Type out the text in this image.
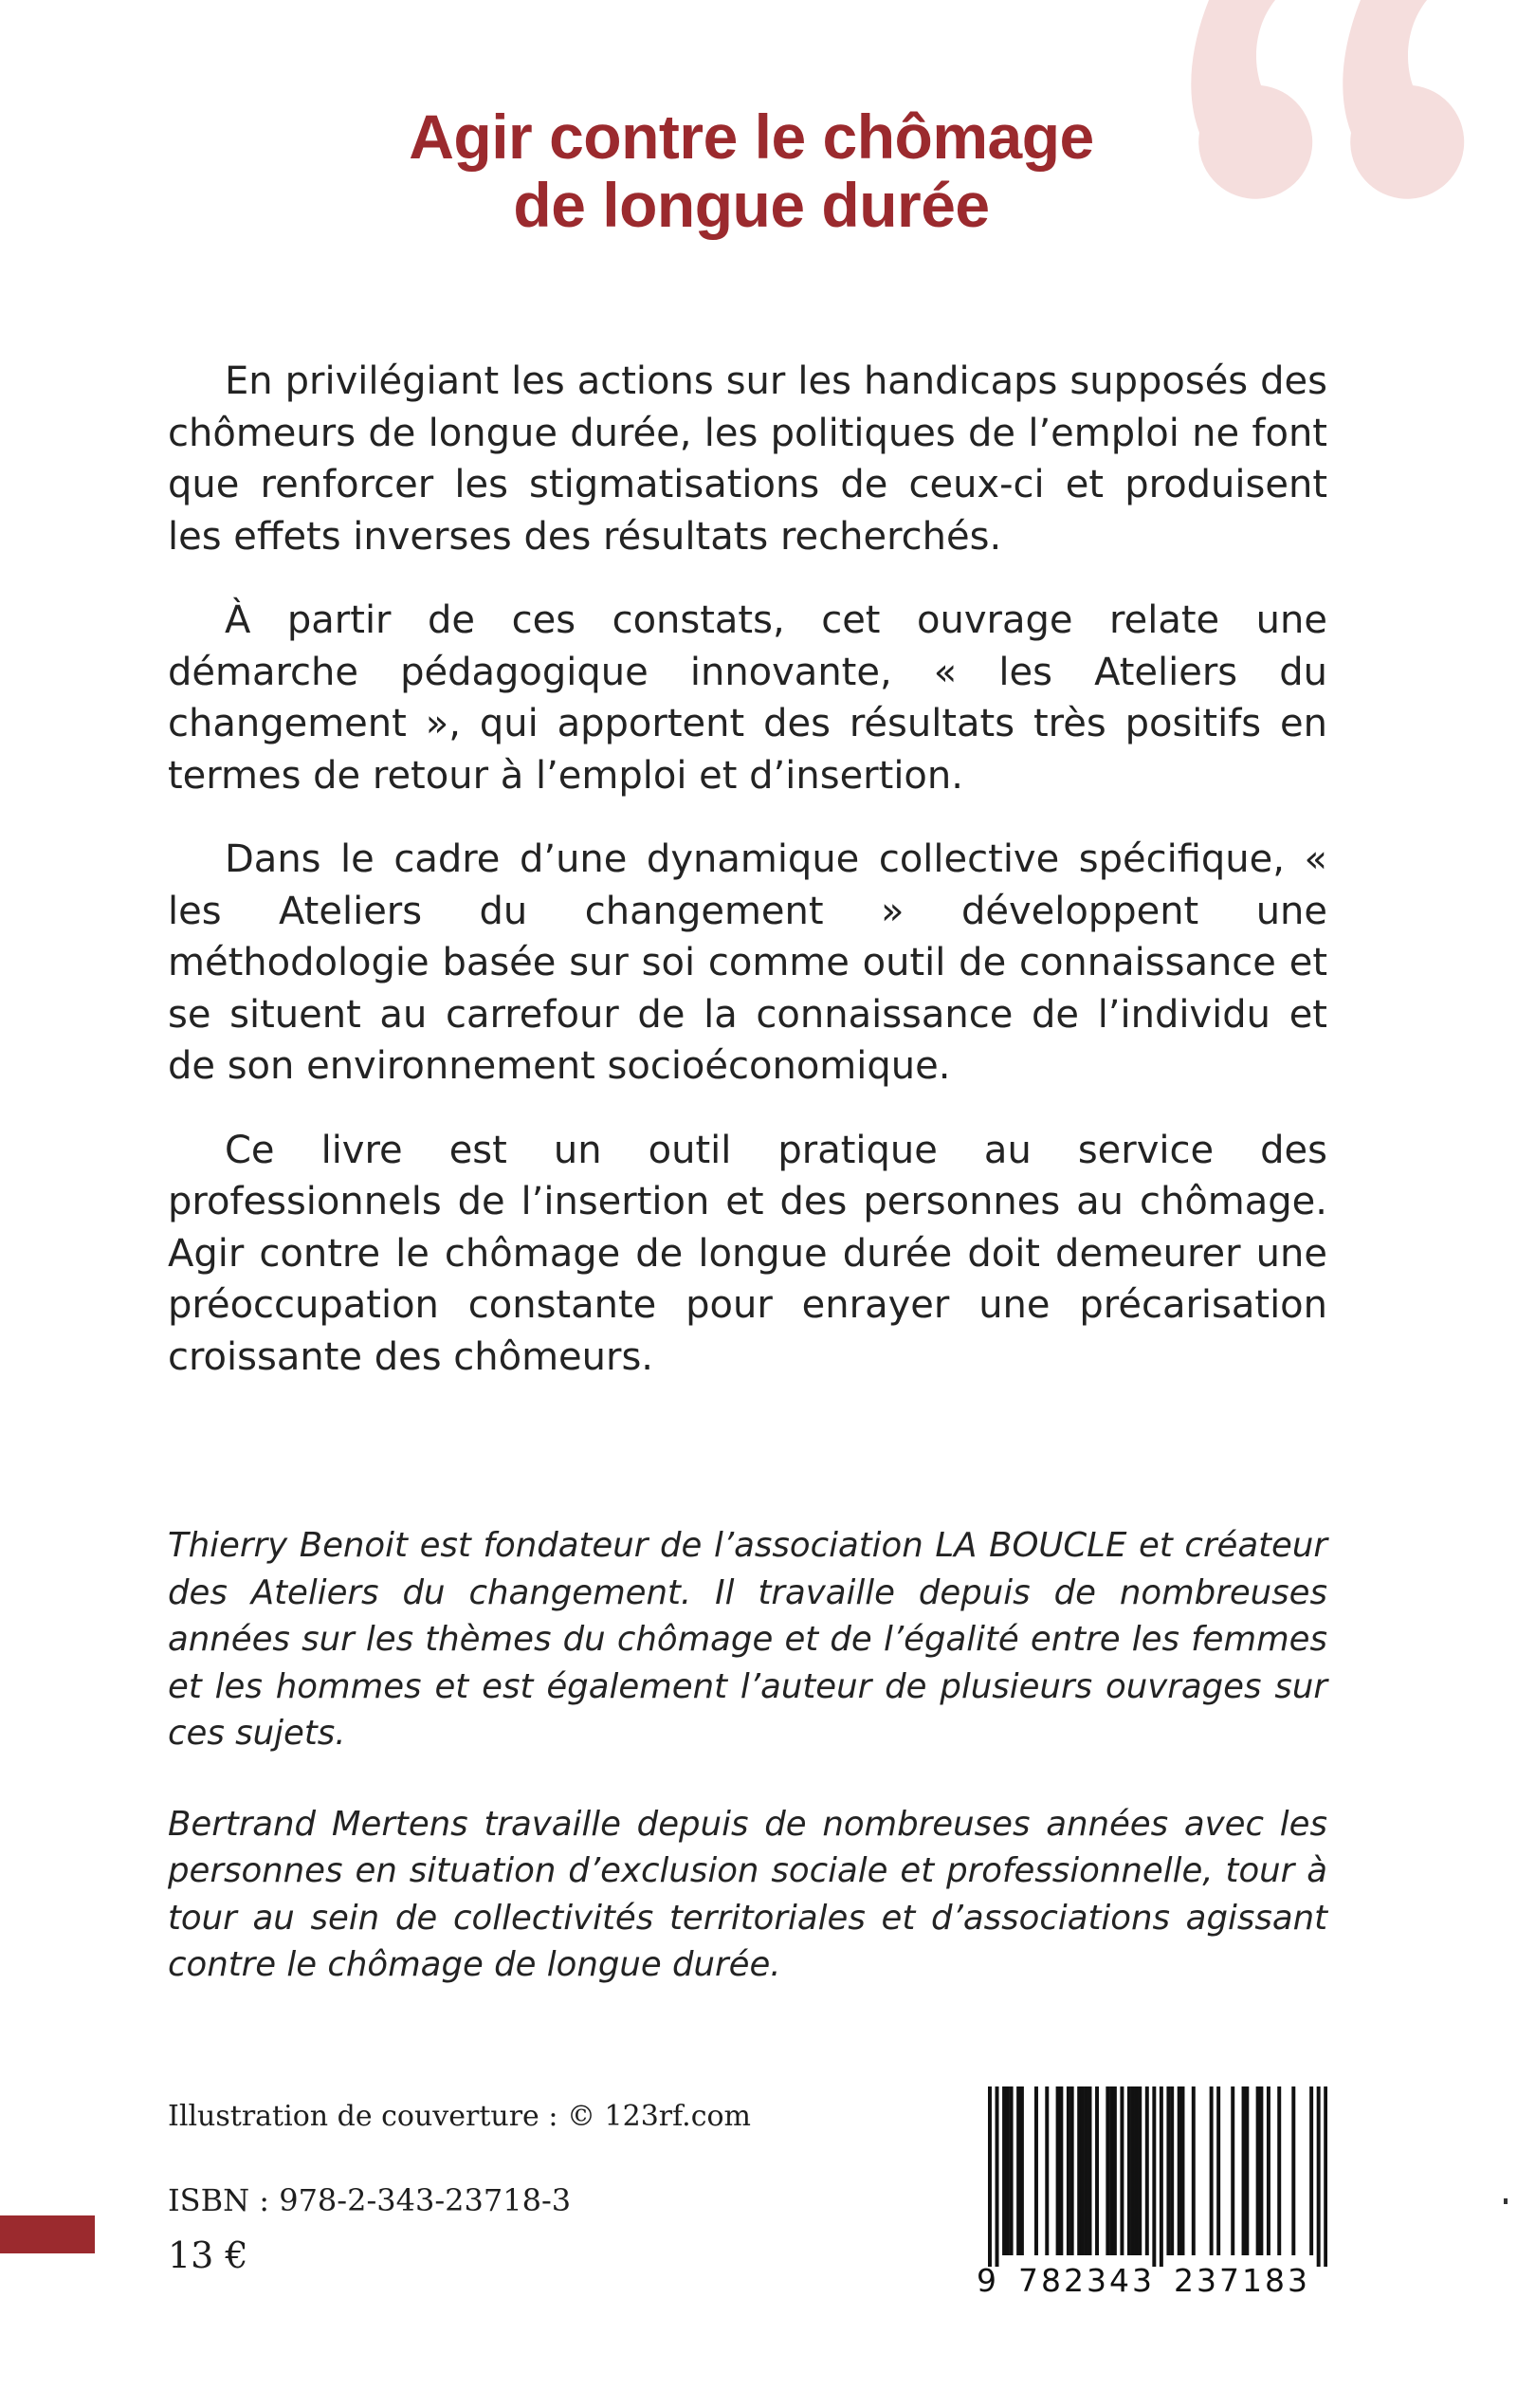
Agir contre le chômage
de longue durée

En privilégiant les actions sur les handicaps supposés des chômeurs de longue durée, les politiques de l’emploi ne font que renforcer les stigmatisations de ceux-ci et produisent les effets inverses des résultats recherchés.

À partir de ces constats, cet ouvrage relate une démarche pédagogique innovante, « les Ateliers du changement », qui apportent des résultats très positifs en termes de retour à l’emploi et d’insertion.

Dans le cadre d’une dynamique collective spécifique, « les Ateliers du changement » développent une méthodologie basée sur soi comme outil de connaissance et se situent au carrefour de la connaissance de l’individu et de son environnement socioéconomique.

Ce livre est un outil pratique au service des professionnels de l’insertion et des personnes au chômage. Agir contre le chômage de longue durée doit demeurer une préoccupation constante pour enrayer une précarisation croissante des chômeurs.

Thierry Benoit est fondateur de l’association LA BOUCLE et créateur des Ateliers du changement. Il travaille depuis de nombreuses années sur les thèmes du chômage et de l’égalité entre les femmes et les hommes et est également l’auteur de plusieurs ouvrages sur ces sujets.

Bertrand Mertens travaille depuis de nombreuses années avec les personnes en situation d’exclusion sociale et professionnelle, tour à tour au sein de collectivités territoriales et d’associations agissant contre le chômage de longue durée.

Illustration de couverture : © 123rf.com
ISBN : 978-2-343-23718-3
13 €
9 782343 237183
